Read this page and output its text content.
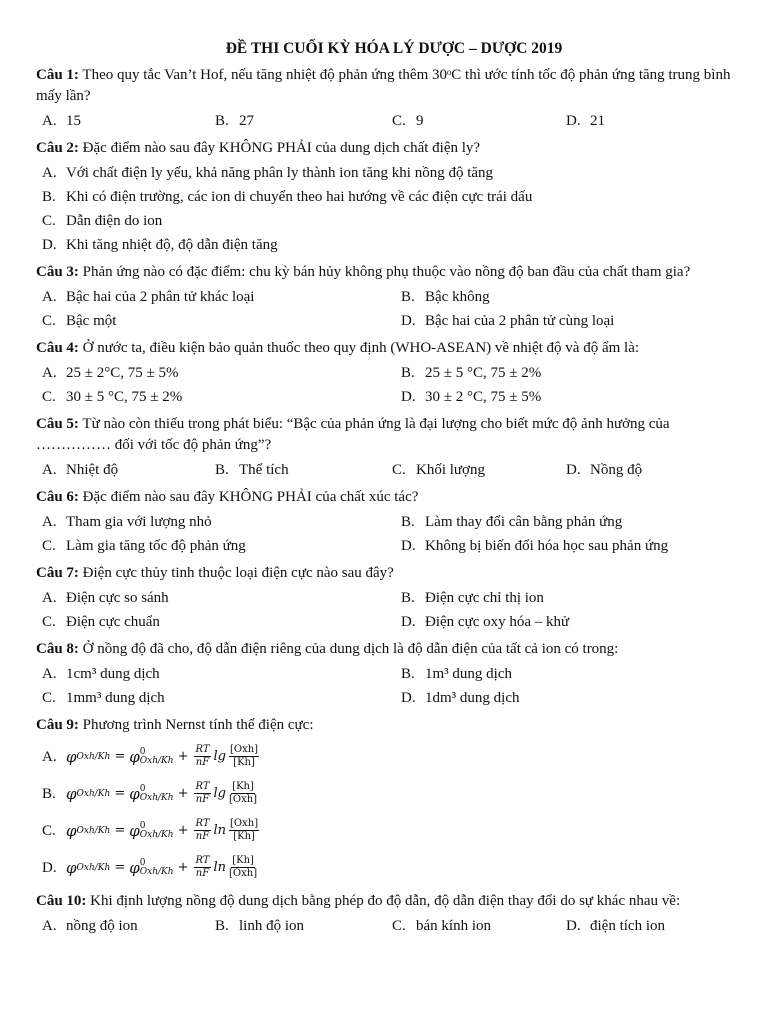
ĐỀ THI CUỐI KỲ HÓA LÝ DƯỢC – DƯỢC 2019
Câu 1: Theo quy tắc Van’t Hof, nếu tăng nhiệt độ phản ứng thêm 30ᵒC thì ước tính tốc độ phản ứng tăng trung bình mấy lần?
A. 15	B. 27	C. 9	D. 21
Câu 2: Đặc điểm nào sau đây KHÔNG PHẢI của dung dịch chất điện ly?
A. Với chất điện ly yếu, khả năng phân ly thành ion tăng khi nồng độ tăng
B. Khi có điện trường, các ion di chuyển theo hai hướng về các điện cực trái dấu
C. Dẫn điện do ion
D. Khi tăng nhiệt độ, độ dẫn điện tăng
Câu 3: Phản ứng nào có đặc điểm: chu kỳ bán hủy không phụ thuộc vào nồng độ ban đầu của chất tham gia?
A. Bậc hai của 2 phân tử khác loại	B. Bậc không
C. Bậc một	D. Bậc hai của 2 phân tử cùng loại
Câu 4: Ở nước ta, điều kiện bảo quản thuốc theo quy định (WHO-ASEAN) về nhiệt độ và độ ẩm là:
A. 25 ± 2°C, 75 ± 5%	B. 25 ± 5 °C, 75 ± 2%
C. 30 ± 5 °C, 75 ± 2%	D. 30 ± 2 °C, 75 ± 5%
Câu 5: Từ nào còn thiếu trong phát biểu: “Bậc của phản ứng là đại lượng cho biết mức độ ảnh hưởng của …………… đối với tốc độ phản ứng”?
A. Nhiệt độ	B. Thể tích	C. Khối lượng	D. Nồng độ
Câu 6: Đặc điểm nào sau đây KHÔNG PHẢI của chất xúc tác?
A. Tham gia với lượng nhỏ	B. Làm thay đổi cân bằng phản ứng
C. Làm gia tăng tốc độ phản ứng	D. Không bị biến đổi hóa học sau phản ứng
Câu 7: Điện cực thủy tinh thuộc loại điện cực nào sau đây?
A. Điện cực so sánh	B. Điện cực chỉ thị ion
C. Điện cực chuẩn	D. Điện cực oxy hóa – khử
Câu 8: Ở nồng độ đã cho, độ dẫn điện riêng của dung dịch là độ dẫn điện của tất cả ion có trong:
A. 1cm³ dung dịch	B. 1m³ dung dịch
C. 1mm³ dung dịch	D. 1dm³ dung dịch
Câu 9: Phương trình Nernst tính thế điện cực:
A. φ Oxh/Kh = φ 0
$Oxh/Kh + \frac{RT}{nF}$ $\lg \frac{\text{[Oxh]}}{[Kh]}$
B. φ Oxh/Kh = φ 0
$Oxh/Kh + \frac{RT}{nF}$ $\lg \frac{[Kh]}{\text{[Oxh]}}$
C. φ Oxh/Kh = φ 0
$Oxh/Kh + \frac{RT}{nF}$ $\ln \frac{\text{[Oxh]}}{[Kh]}$
D. φ Oxh/Kh = φ 0
$Oxh/Kh + \frac{RT}{nF}$ $\ln \frac{[Kh]}{\text{[Oxh]}}$
Câu 10: Khi định lượng nồng độ dung dịch bằng phép đo độ dẫn, độ dẫn điện thay đổi do sự khác nhau về:
A. nồng độ ion	B. linh độ ion	C. bán kính ion	D. điện tích ion
